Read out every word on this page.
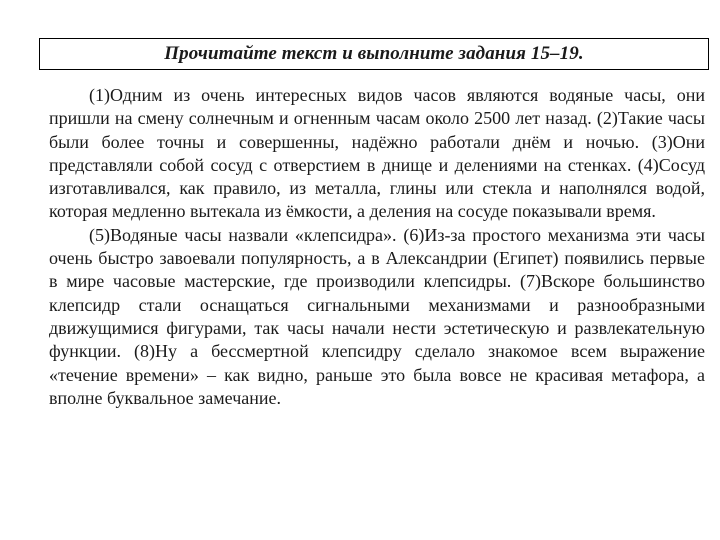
Прочитайте текст и выполните задания 15–19.

(1)Одним из очень интересных видов часов являются водяные часы, они пришли на смену солнечным и огненным часам около 2500 лет назад. (2)Такие часы были более точны и совершенны, надёжно работали днём и ночью. (3)Они представляли собой сосуд с отверстием в днище и делениями на стенках. (4)Сосуд изготавливался, как правило, из металла, глины или стекла и наполнялся водой, которая медленно вытекала из ёмкости, а деления на сосуде показывали время.

(5)Водяные часы назвали «клепсидра». (6)Из-за простого механизма эти часы очень быстро завоевали популярность, а в Александрии (Египет) появились первые в мире часовые мастерские, где производили клепсидры. (7)Вскоре большинство клепсидр стали оснащаться сигнальными механизмами и разнообразными движущимися фигурами, так часы начали нести эстетическую и развлекательную функции. (8)Ну а бессмертной клепсидру сделало знакомое всем выражение «течение времени» – как видно, раньше это была вовсе не красивая метафора, а вполне буквальное замечание.
